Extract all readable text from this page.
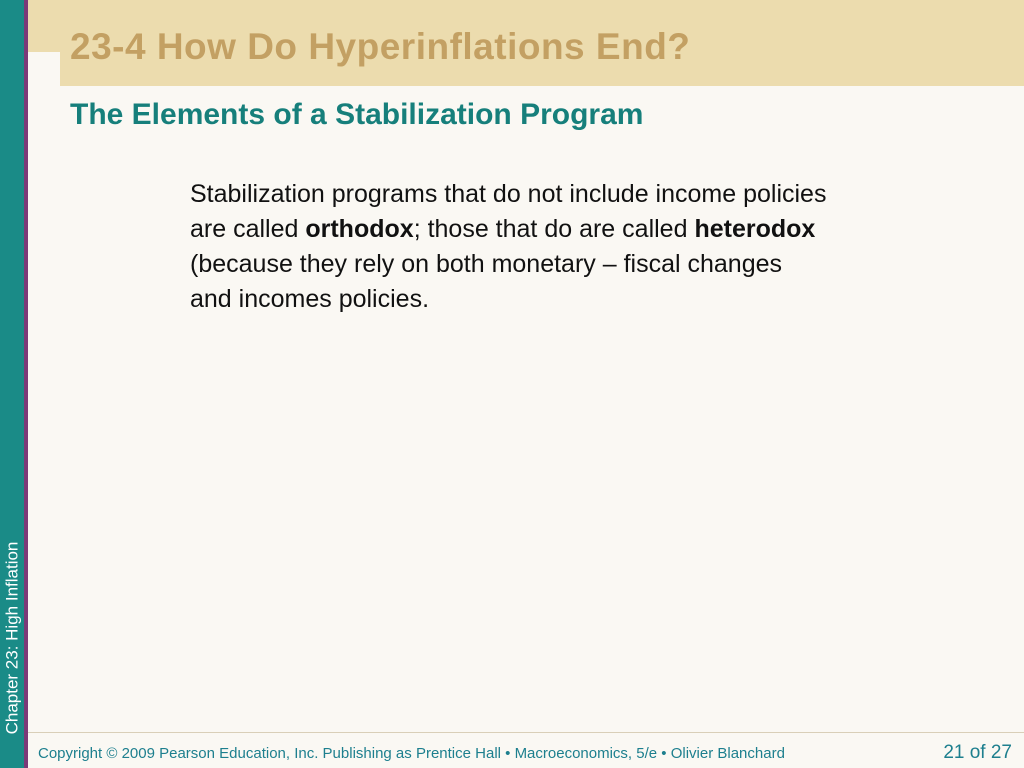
Chapter 23: High Inflation
23-4 How Do Hyperinflations End?
The Elements of a Stabilization Program

Stabilization programs that do not include income policies are called orthodox; those that do are called heterodox (because they rely on both monetary – fiscal changes and incomes policies.

Copyright © 2009 Pearson Education, Inc. Publishing as Prentice Hall • Macroeconomics, 5/e • Olivier Blanchard	21 of 27
